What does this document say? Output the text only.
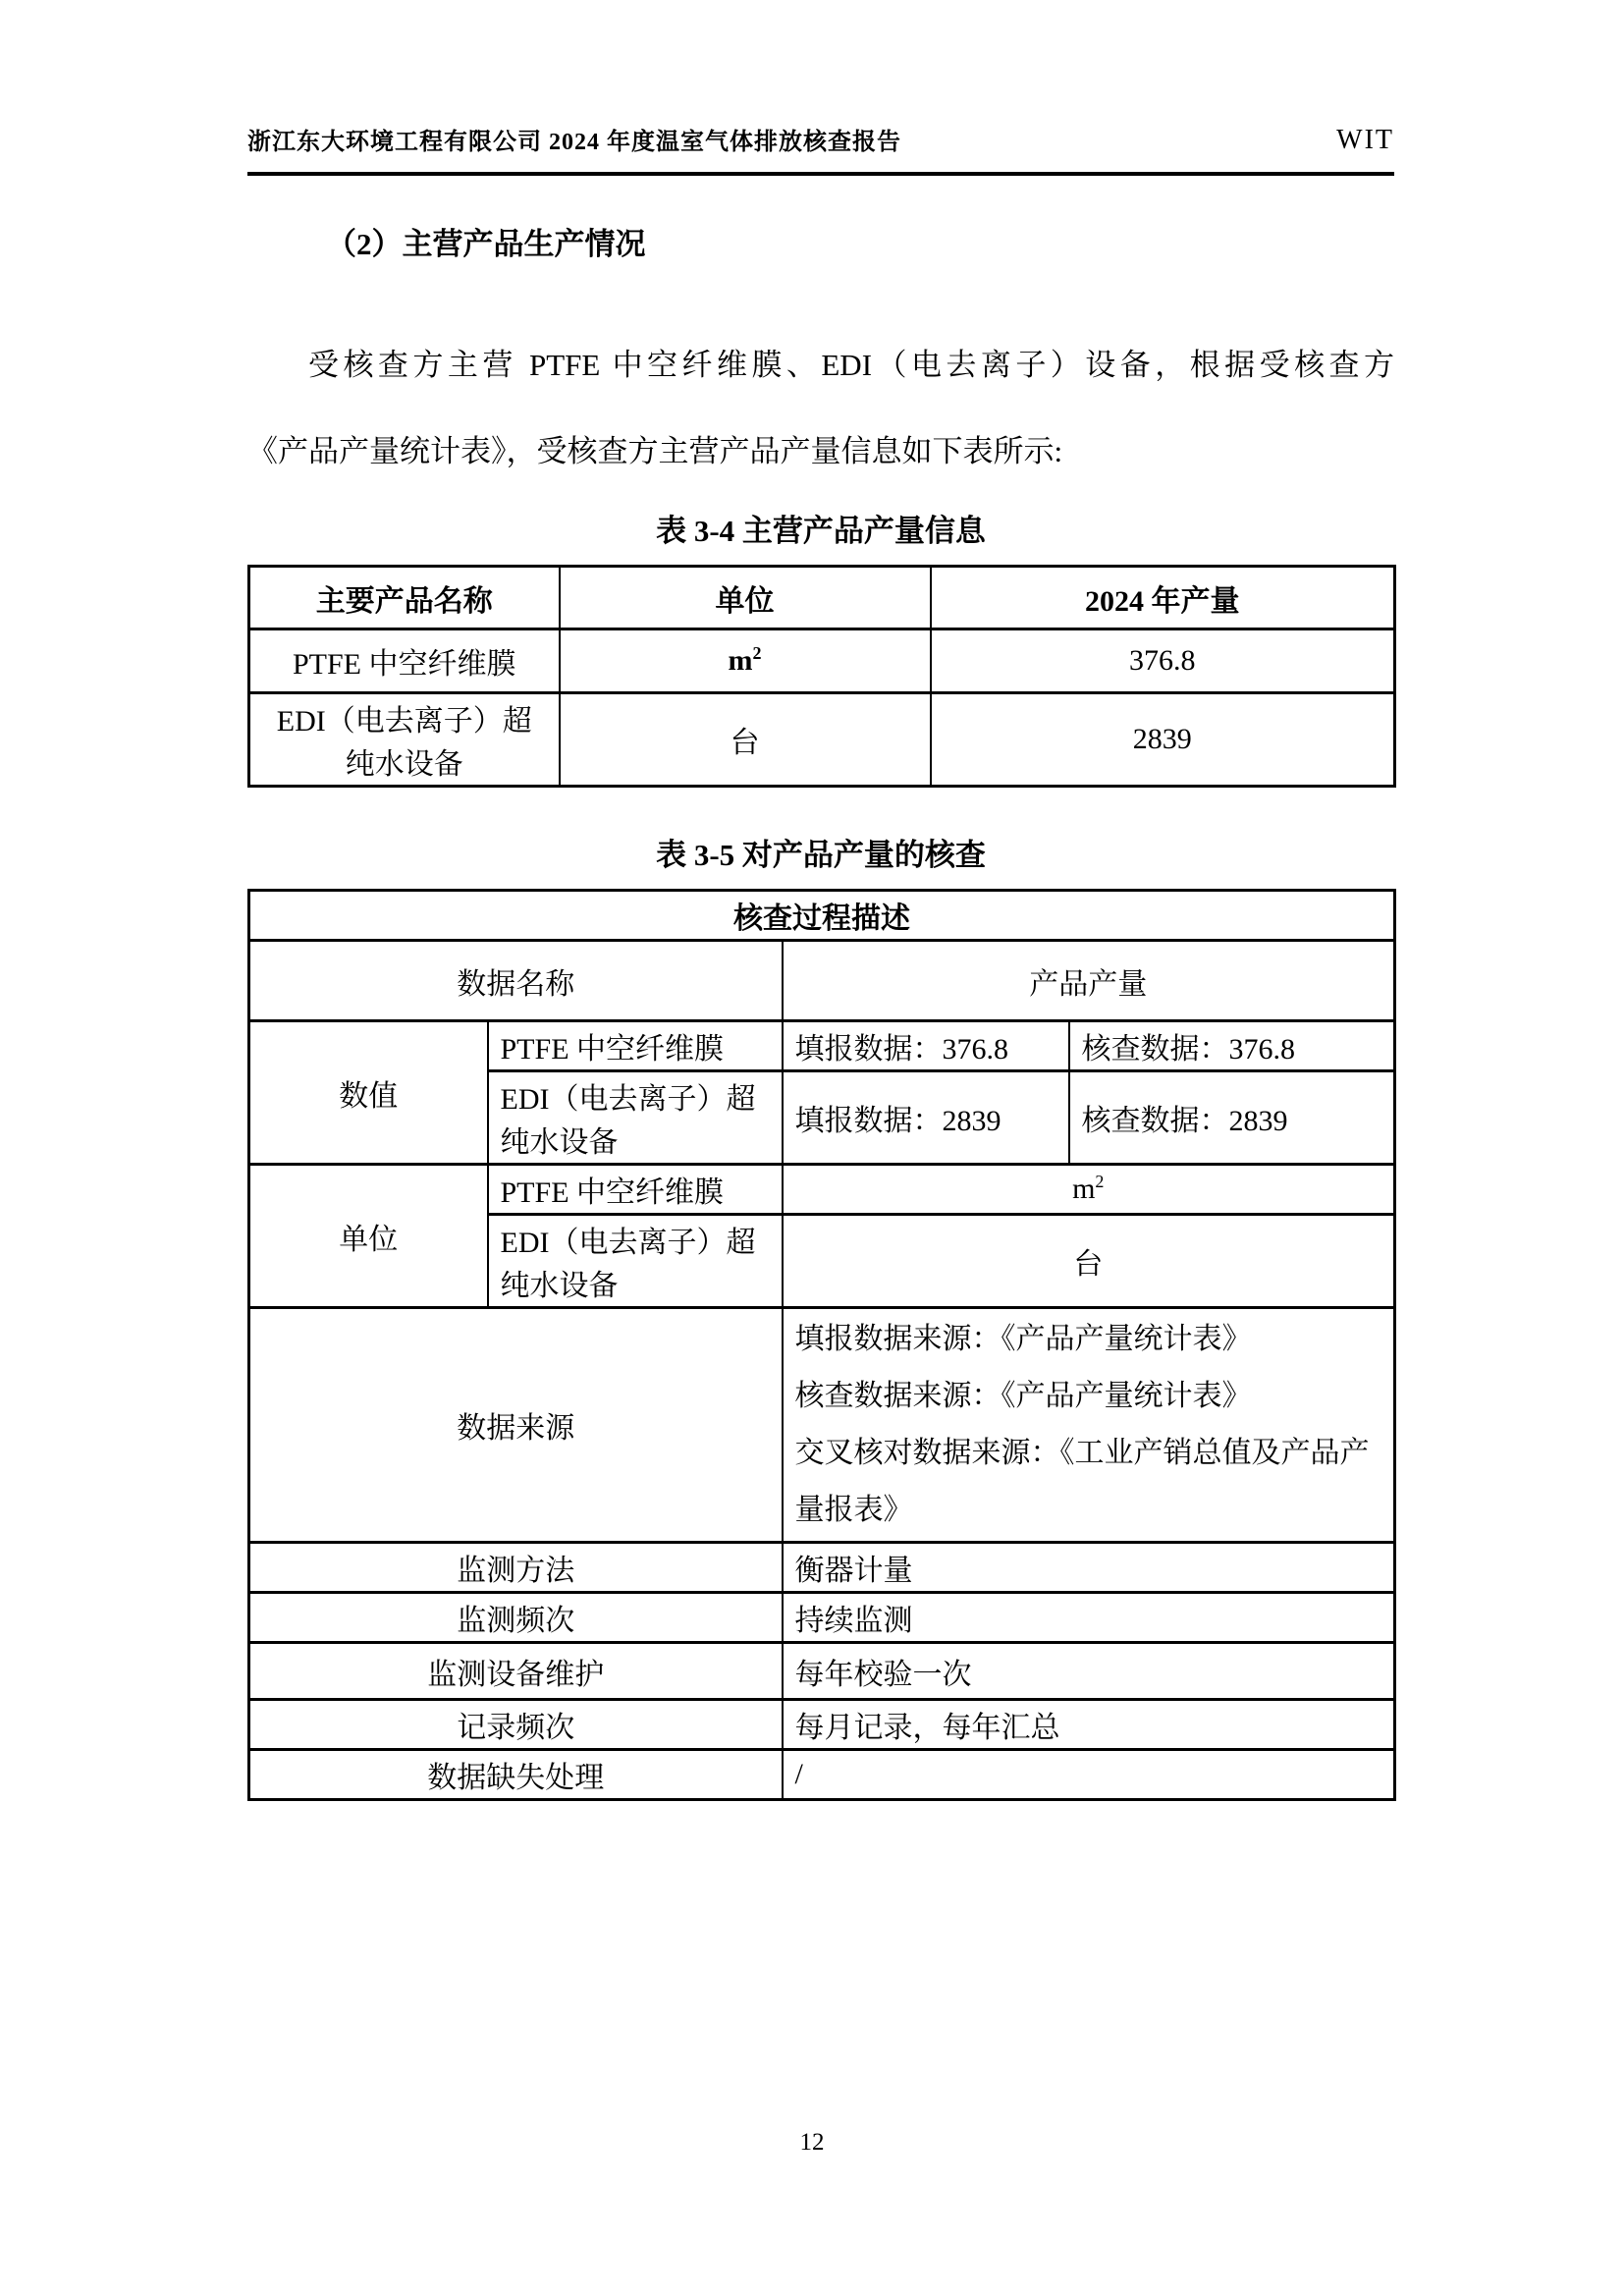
浙江东大环境工程有限公司 2024 年度温室气体排放核查报告	WIT
（2）主营产品生产情况

受核查方主营 PTFE 中空纤维膜、EDI（电去离子）设备，根据受核查方
《产品产量统计表》，受核查方主营产品产量信息如下表所示:

表 3-4 主营产品产量信息
主要产品名称	单位	2024 年产量
PTFE 中空纤维膜	$m^2$	376.8
EDI（电去离子）超纯水设备	台	2839
表 3-5 对产品产量的核查
核查过程描述			
数据名称		产品产量	
数值	PTFE 中空纤维膜	填报数据：376.8	核查数据：376.8
	EDI（电去离子）超纯水设备	填报数据：2839	核查数据：2839
单位	PTFE 中空纤维膜	$m^2$
	EDI（电去离子）超纯水设备	台	
数据来源		填报数据来源：《产品产量统计表》
核查数据来源：《产品产量统计表》
交叉核对数据来源：《工业产销总值及产品产量报表》	

监测方法		衡器计量	
监测频次		持续监测	
监测设备维护		每年校验一次	
记录频次		每月记录，每年汇总	
数据缺失处理		/	
12
